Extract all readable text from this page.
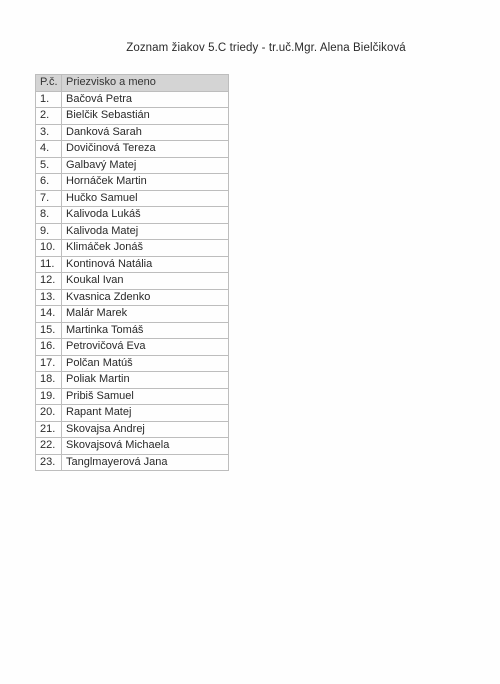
Zoznam žiakov 5.C triedy - tr.uč.Mgr. Alena Bielčiková
P.č.	Priezvisko a meno
1.	Bačová Petra
2.	Bielčik Sebastián
3.	Danková Sarah
4.	Dovičinová Tereza
5.	Galbavý Matej
6.	Hornáček Martin
7.	Hučko Samuel
8.	Kalivoda Lukáš
9.	Kalivoda Matej
10.	Klimáček Jonáš
11.	Kontinová Natália
12.	Koukal Ivan
13.	Kvasnica Zdenko
14.	Malár Marek
15.	Martinka Tomáš
16.	Petrovičová Eva
17.	Polčan Matúš
18.	Poliak Martin
19.	Pribiš Samuel
20.	Rapant Matej
21.	Skovajsa Andrej
22.	Skovajsová Michaela
23.	Tanglmayerová Jana
